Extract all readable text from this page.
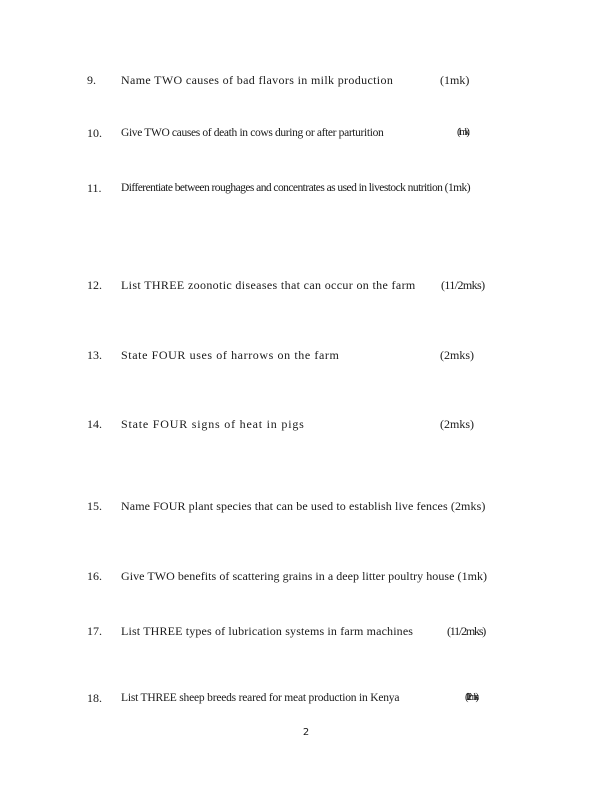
9. Name TWO causes of bad flavors in milk production	(1mk)
10. Give TWO causes of death in cows during or after parturition	(1mk)
11. Differentiate between roughages and concentrates as used in livestock nutrition (1mk)
12. List THREE zoonotic diseases that can occur on the farm (11/2mks)
13. State FOUR uses of harrows on the farm	(2mks)
14. State FOUR signs of heat in pigs	(2mks)
15. Name FOUR plant species that can be used to establish live fences (2mks)
16. Give TWO benefits of scattering grains in a deep litter poultry house (1mk)
17. List THREE types of lubrication systems in farm machines	(11/2mks)
18. List THREE sheep breeds reared for meat production in Kenya	(11/2mks)
2
